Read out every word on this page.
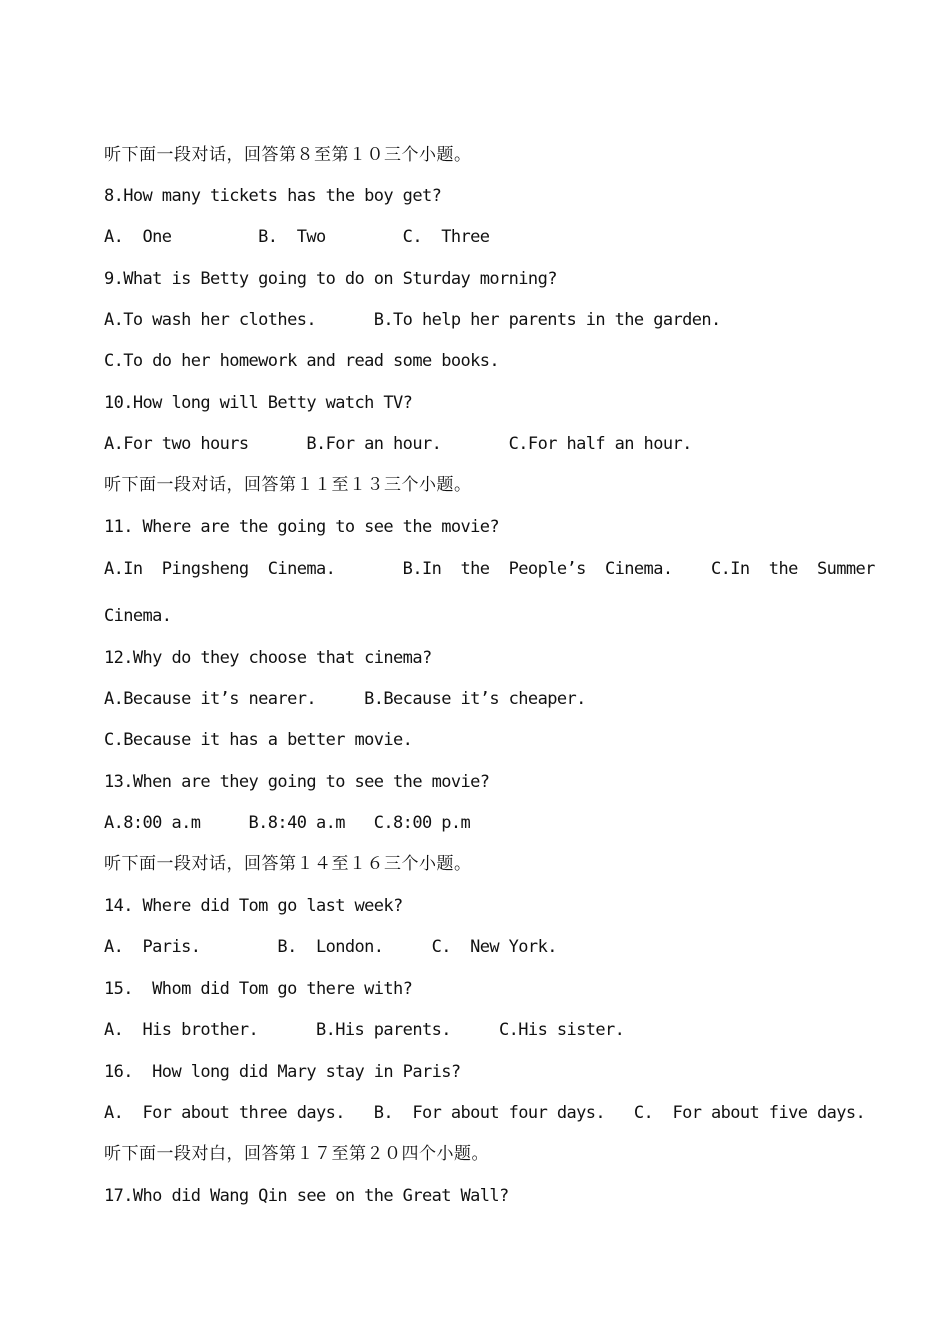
听下面一段对话，回答第８至第１０三个小题。
8.How many tickets has the boy get?
A.  One         B.  Two        C.  Three
9.What is Betty going to do on Sturday morning?
A.To wash her clothes.      B.To help her parents in the garden.
C.To do her homework and read some books.
10.How long will Betty watch TV?
A.For two hours      B.For an hour.       C.For half an hour.
听下面一段对话，回答第１１至１３三个小题。
11. Where are the going to see the movie?
A.In  Pingsheng  Cinema.       B.In  the  People’s  Cinema.    C.In  the  Summer
Cinema.
12.Why do they choose that cinema?
A.Because it’s nearer.     B.Because it’s cheaper.
C.Because it has a better movie.
13.When are they going to see the movie?
A.8:00 a.m     B.8:40 a.m   C.8:00 p.m
听下面一段对话，回答第１４至１６三个小题。
14. Where did Tom go last week?
A.  Paris.        B.  London.     C.  New York.
15.  Whom did Tom go there with?
A.  His brother.      B.His parents.     C.His sister.
16.  How long did Mary stay in Paris?
A.  For about three days.   B.  For about four days.   C.  For about five days.
听下面一段对白，回答第１７至第２０四个小题。
17.Who did Wang Qin see on the Great Wall?
